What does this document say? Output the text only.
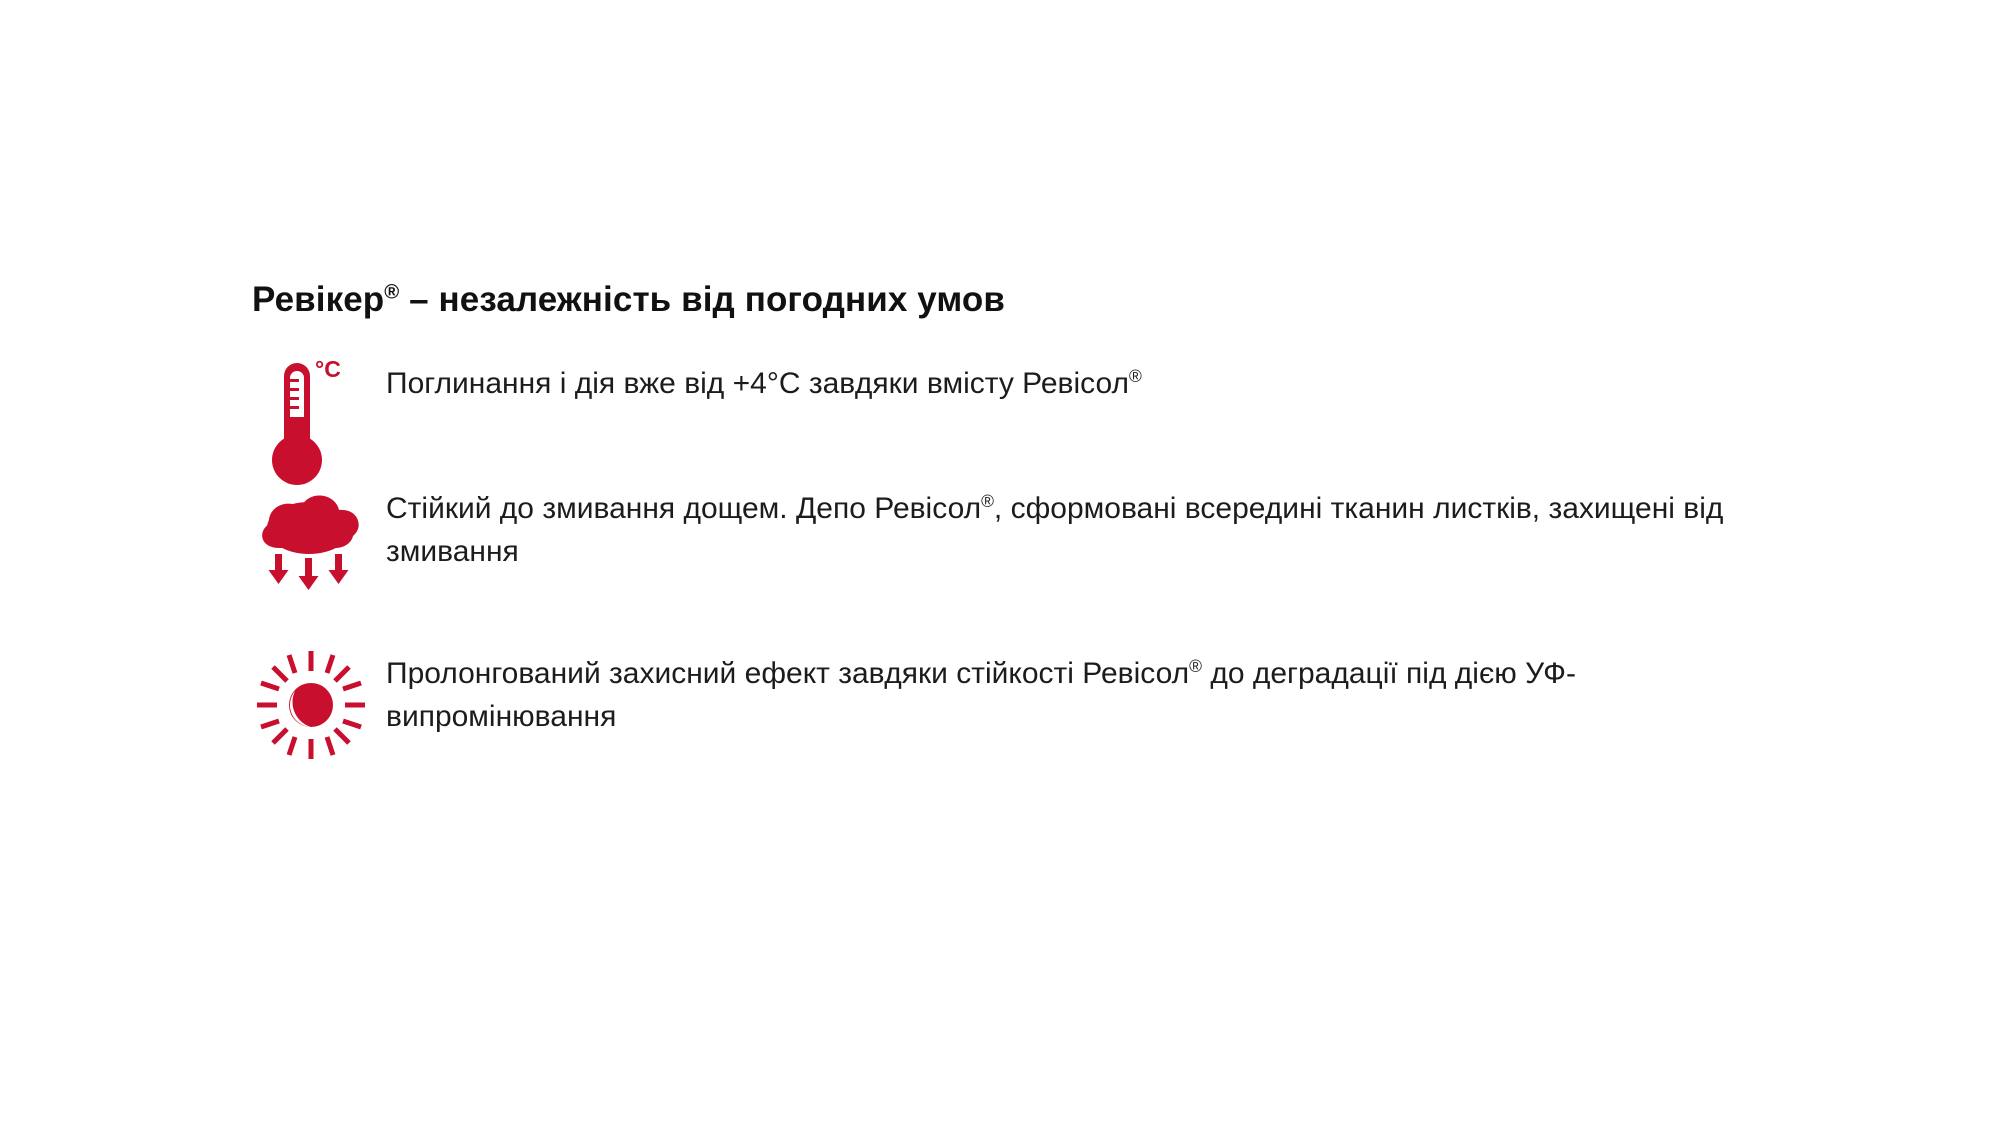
Ревікер® – незалежність від погодних умов
°C Поглинання і дія вже від +4°C завдяки вмісту Ревісол®
Стійкий до змивання дощем. Депо Ревісол®, сформовані всередині тканин листків, захищені від змивання
Пролонгований захисний ефект завдяки стійкості Ревісол® до деградації під дією УФ-випромінювання
